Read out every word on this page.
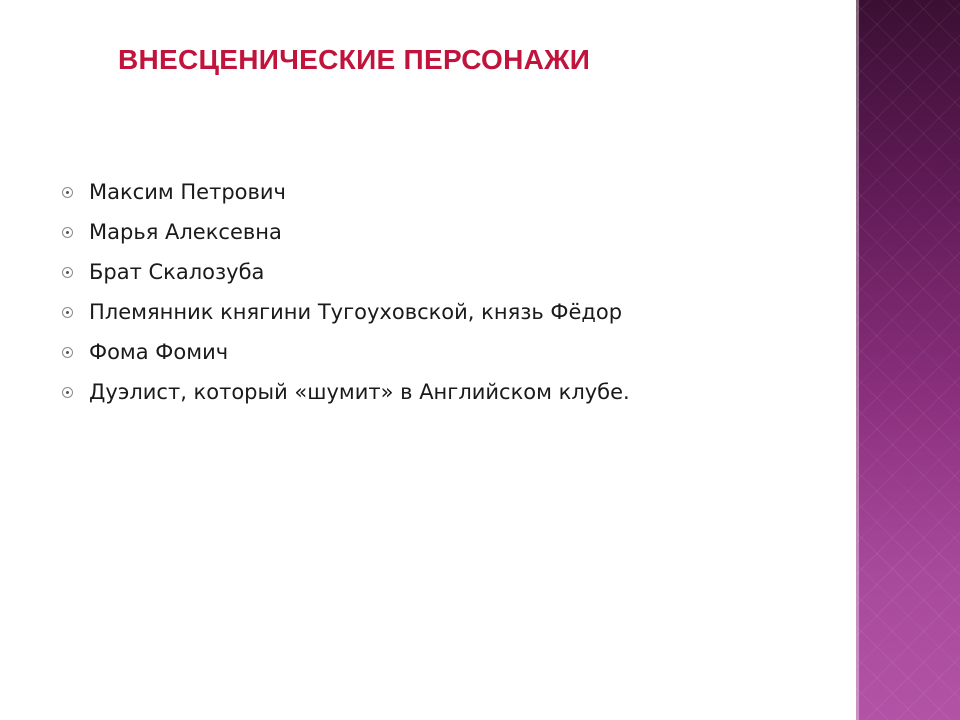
ВНЕСЦЕНИЧЕСКИЕ ПЕРСОНАЖИ
Максим Петрович
Марья Алексевна
Брат Скалозуба
Племянник княгини Тугоуховской, князь Фёдор
Фома Фомич
Дуэлист, который «шумит» в Английском клубе.
